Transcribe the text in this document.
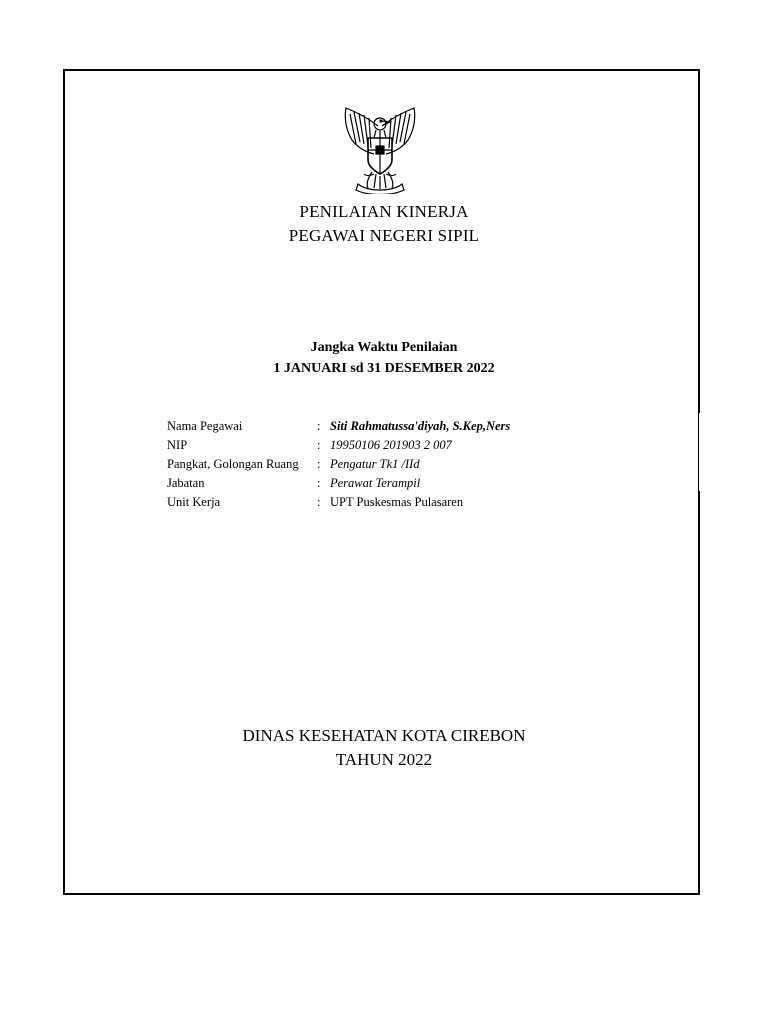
PENILAIAN KINERJA
PEGAWAI NEGERI SIPIL
Jangka Waktu Penilaian
1 JANUARI sd 31 DESEMBER 2022
Nama Pegawai	: Siti Rahmatussa'diyah, S.Kep,Ners
NIP	: 19950106 201903 2 007
Pangkat, Golongan Ruang	: Pengatur Tk1 /IId
Jabatan	: Perawat Terampil
Unit Kerja	: UPT Puskesmas Pulasaren
DINAS KESEHATAN KOTA CIREBON
TAHUN 2022
